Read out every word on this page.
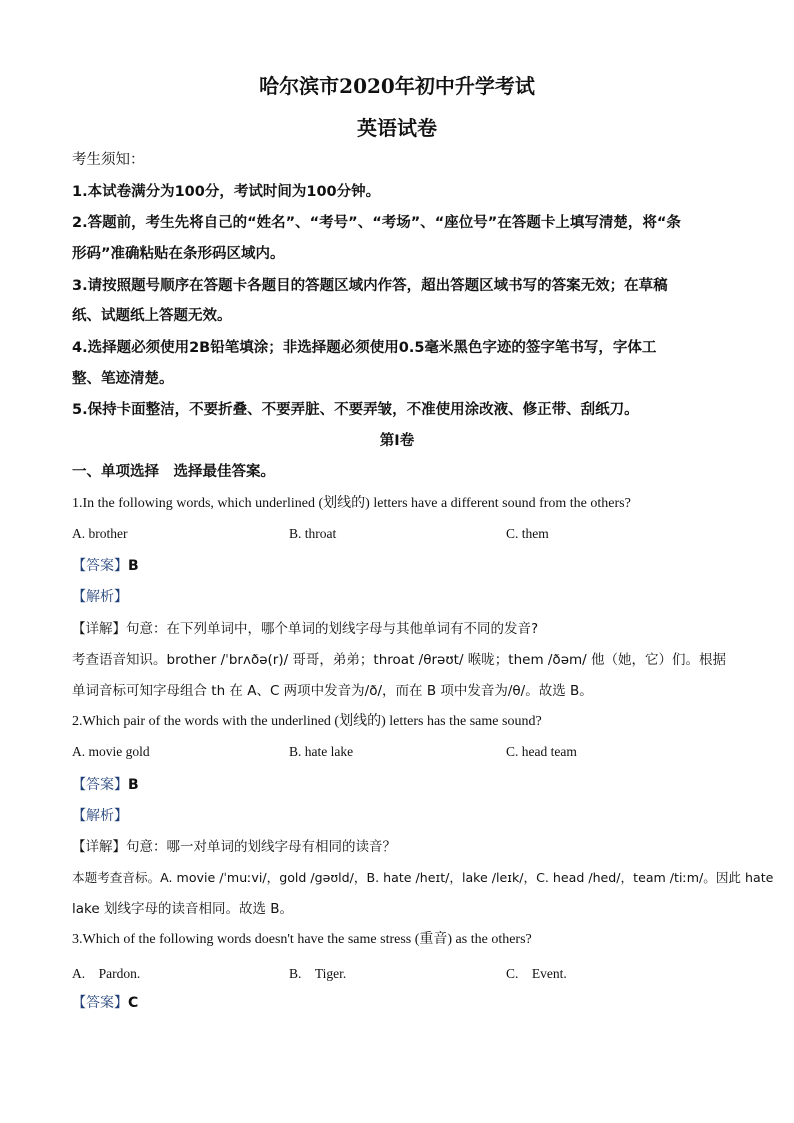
哈尔滨市2020年初中升学考试
英语试卷
考生须知：
1.本试卷满分为100分，考试时间为100分钟。
2.答题前，考生先将自己的“姓名”、“考号”、“考场”、“座位号”在答题卡上填写清楚，将“条
形码”准确粘贴在条形码区域内。
3.请按照题号顺序在答题卡各题目的答题区域内作答，超出答题区域书写的答案无效；在草稿
纸、试题纸上答题无效。
4.选择题必须使用2B铅笔填涂；非选择题必须使用0.5毫米黑色字迹的签字笔书写，字体工
整、笔迹清楚。
5.保持卡面整洁，不要折叠、不要弄脏、不要弄皱，不准使用涂改液、修正带、刮纸刀。
第Ⅰ卷
一、单项选择　选择最佳答案。
1.In the following words, which underlined (划线的) letters have a different sound from the others?
A. brother	B. throat	C. them
【答案】B
【解析】
【详解】句意：在下列单词中，哪个单词的划线字母与其他单词有不同的发音?
考查语音知识。brother /ˈbrʌðə(r)/ 哥哥，弟弟；throat /θrəʊt/ 喉咙；them /ðəm/ 他（她，它）们。根据
单词音标可知字母组合 th 在 A、C 两项中发音为/ð/，而在 B 项中发音为/θ/。故选 B。
2.Which pair of the words with the underlined (划线的) letters has the same sound?
A. movie gold	B. hate lake	C. head team
【答案】B
【解析】
【详解】句意：哪一对单词的划线字母有相同的读音？
本题考查音标。A. movie /ˈmuːvi/，gold /gəʊld/，B. hate /heɪt/，lake /leɪk/，C. head /hed/，team /tiːm/。因此 hate
lake 划线字母的读音相同。故选 B。
3.Which of the following words doesn't have the same stress (重音) as the others?
A.　Pardon.	B.　Tiger.	C.　Event.
【答案】C
